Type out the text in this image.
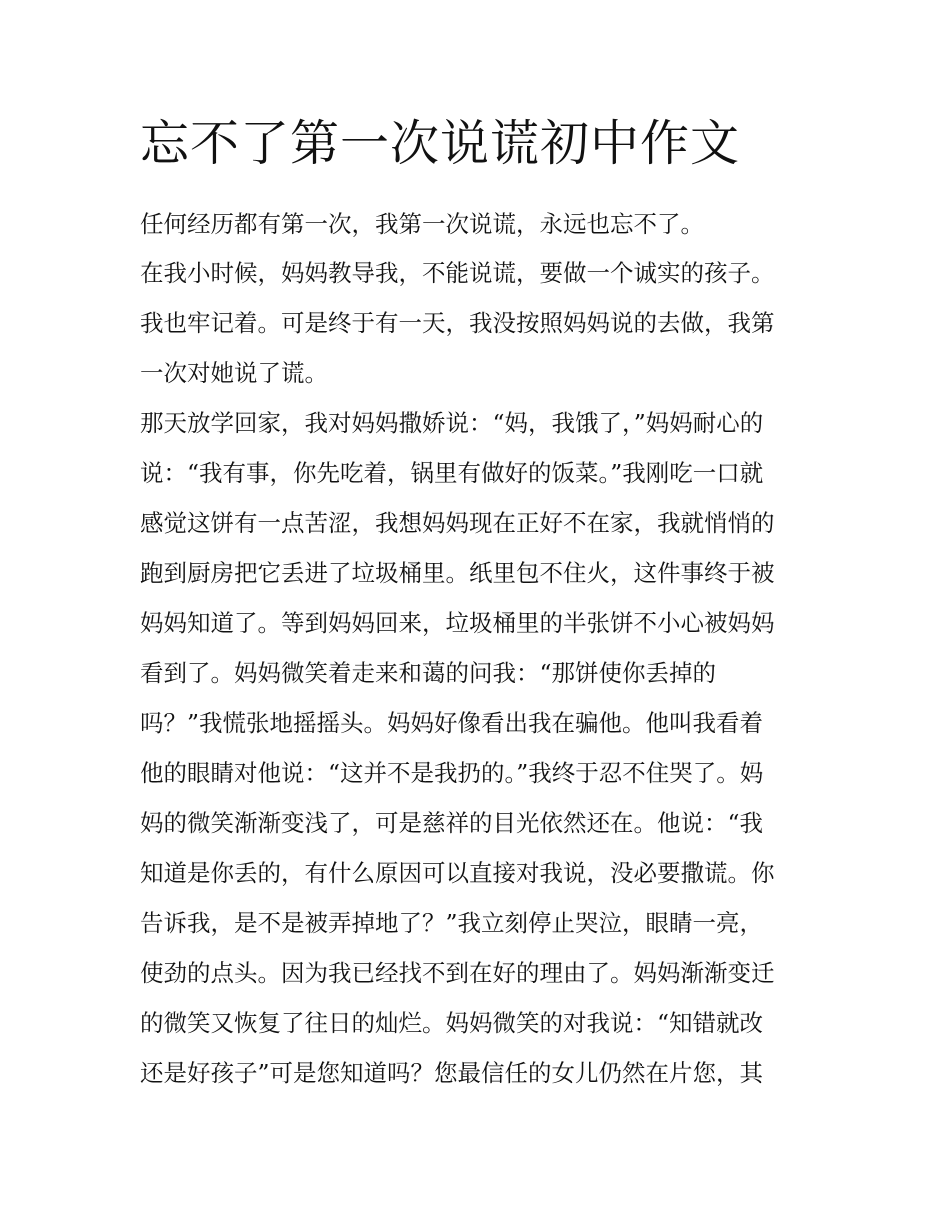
忘不了第一次说谎初中作文

任何经历都有第一次，我第一次说谎，永远也忘不了。

在我小时候，妈妈教导我，不能说谎，要做一个诚实的孩子。
我也牢记着。可是终于有一天，我没按照妈妈说的去做，我第
一次对她说了谎。

那天放学回家，我对妈妈撒娇说：“妈，我饿了，”妈妈耐心的
说：“我有事，你先吃着，锅里有做好的饭菜。”我刚吃一口就
感觉这饼有一点苦涩，我想妈妈现在正好不在家，我就悄悄的
跑到厨房把它丢进了垃圾桶里。纸里包不住火，这件事终于被
妈妈知道了。等到妈妈回来，垃圾桶里的半张饼不小心被妈妈
看到了。妈妈微笑着走来和蔼的问我：“那饼使你丢掉的
吗？”我慌张地摇摇头。妈妈好像看出我在骗他。他叫我看着
他的眼睛对他说：“这并不是我扔的。”我终于忍不住哭了。妈
妈的微笑渐渐变浅了，可是慈祥的目光依然还在。他说：“我
知道是你丢的，有什么原因可以直接对我说，没必要撒谎。你
告诉我，是不是被弄掉地了？”我立刻停止哭泣，眼睛一亮，
使劲的点头。因为我已经找不到在好的理由了。妈妈渐渐变迁
的微笑又恢复了往日的灿烂。妈妈微笑的对我说：“知错就改
还是好孩子”可是您知道吗？您最信任的女儿仍然在片您，其
